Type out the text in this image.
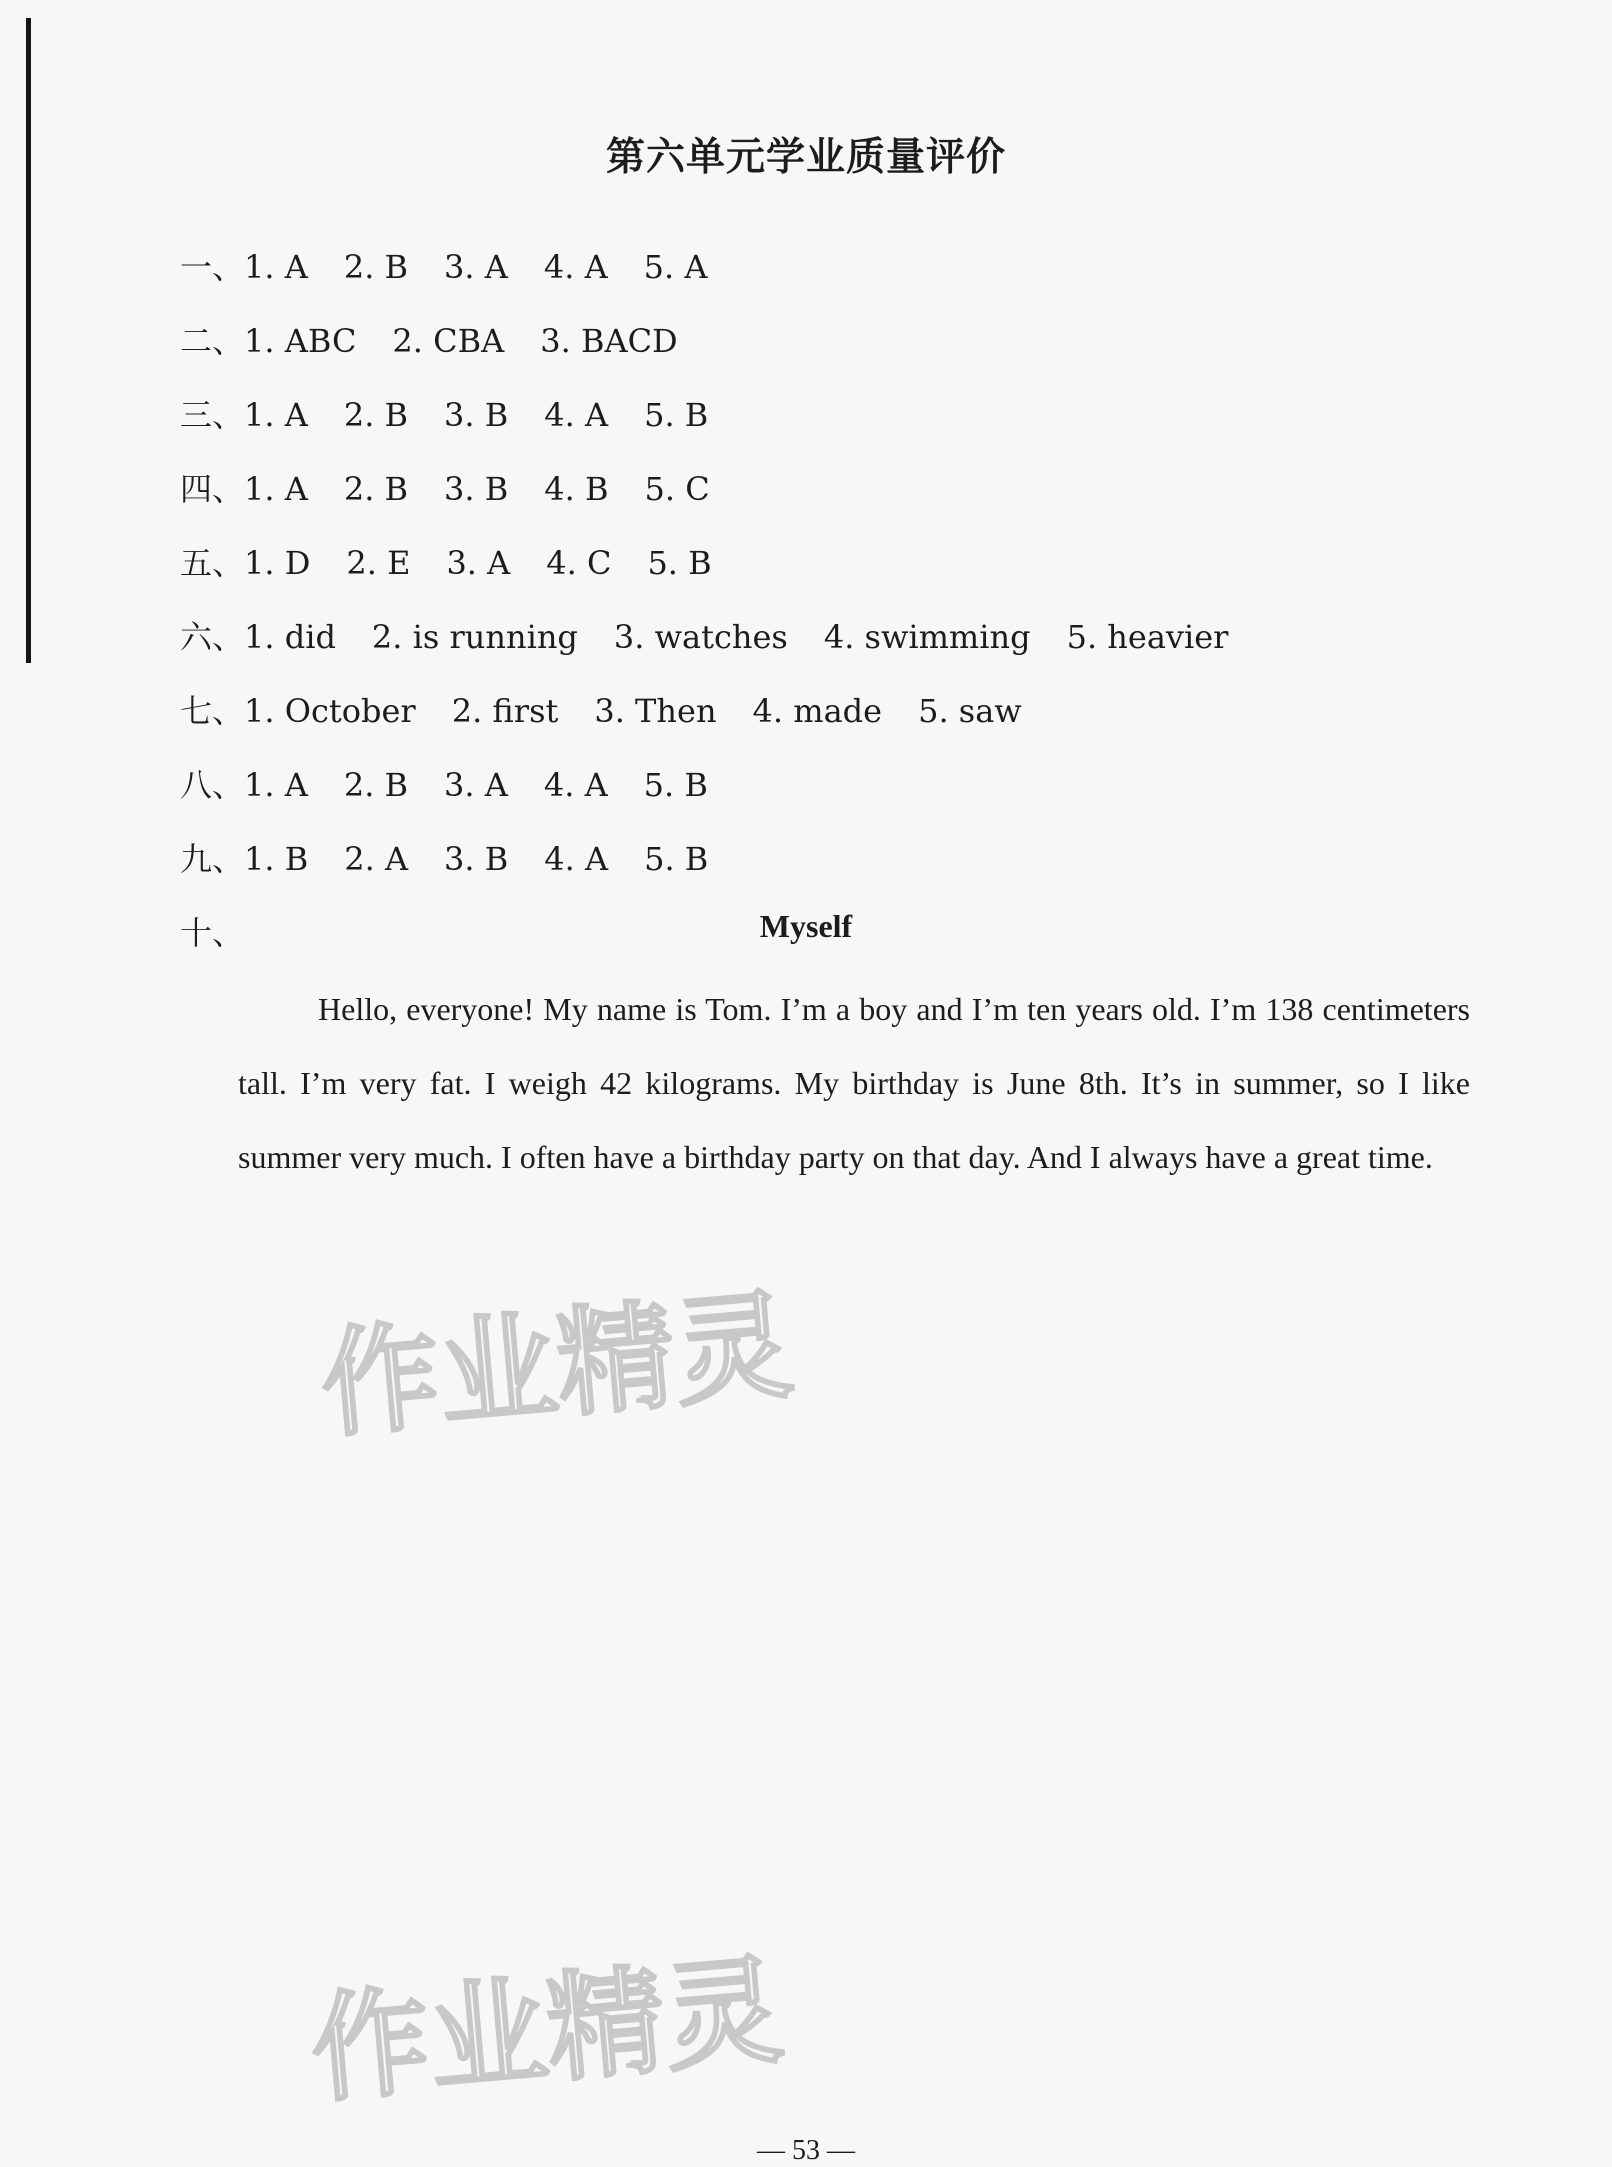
第六单元学业质量评价
一、1. A 2. B 3. A 4. A 5. A
二、1. ABC 2. CBA 3. BACD
三、1. A 2. B 3. B 4. A 5. B
四、1. A 2. B 3. B 4. B 5. C
五、1. D 2. E 3. A 4. C 5. B
六、1. did 2. is running 3. watches 4. swimming 5. heavier
七、1. October 2. first 3. Then 4. made 5. saw
八、1. A 2. B 3. A 4. A 5. B
九、1. B 2. A 3. B 4. A 5. B
十、	Myself
Hello, everyone! My name is Tom. I’m a boy and I’m ten years old. I’m 138 centimeters tall. I’m very fat. I weigh 42 kilograms. My birthday is June 8th. It’s in summer, so I like summer very much. I often have a birthday party on that day. And I always have a great time.
作业精灵
作业精灵
— 53 —
